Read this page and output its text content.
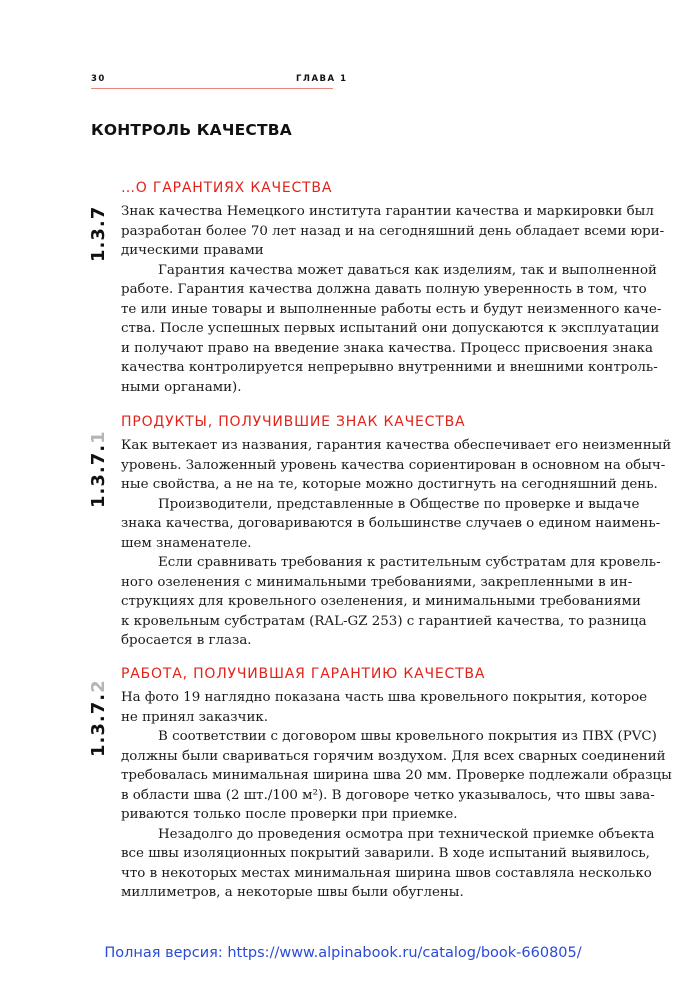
30	ГЛАВА 1
КОНТРОЛЬ КАЧЕСТВА
…О ГАРАНТИЯХ КАЧЕСТВА
1.3.7 Знак качества Немецкого института гарантии качества и маркировки был
разработан более 70 лет назад и на сегодняшний день обладает всеми юри-
дическими правами
Гарантия качества может даваться как изделиям, так и выполненной
работе. Гарантия качества должна давать полную уверенность в том, что
те или иные товары и выполненные работы есть и будут неизменного каче-
ства. После успешных первых испытаний они допускаются к эксплуатации
и получают право на введение знака качества. Процесс присвоения знака
качества контролируется непрерывно внутренними и внешними контроль-
ными органами).
ПРОДУКТЫ, ПОЛУЧИВШИЕ ЗНАК КАЧЕСТВА
1.3.7.1
Как вытекает из названия, гарантия качества обеспечивает его неизменный
уровень. Заложенный уровень качества сориентирован в основном на обыч-
ные свойства, а не на те, которые можно достигнуть на сегодняшний день.
Производители, представленные в Обществе по проверке и выдаче
знака качества, договариваются в большинстве случаев о едином наимень-
шем знаменателе.
Если сравнивать требования к растительным субстратам для кровель-
ного озеленения с минимальными требованиями, закрепленными в ин-
струкциях для кровельного озеленения, и минимальными требованиями
к кровельным субстратам (RAL-GZ 253) с гарантией качества, то разница
бросается в глаза.
РАБОТА, ПОЛУЧИВШАЯ ГАРАНТИЮ КАЧЕСТВА
1.3.7.2
На фото 19 наглядно показана часть шва кровельного покрытия, которое
не принял заказчик.
В соответствии с договором швы кровельного покрытия из ПВХ (PVC)
должны были свариваться горячим воздухом. Для всех сварных соединений
требовалась минимальная ширина шва 20 мм. Проверке подлежали образцы
в области шва (2 шт./100 м²). В договоре четко указывалось, что швы зава-
риваются только после проверки при приемке.
Незадолго до проведения осмотра при технической приемке объекта
все швы изоляционных покрытий заварили. В ходе испытаний выявилось,
что в некоторых местах минимальная ширина швов составляла несколько
миллиметров, а некоторые швы были обуглены.
Полная версия: https://www.alpinabook.ru/catalog/book-660805/
